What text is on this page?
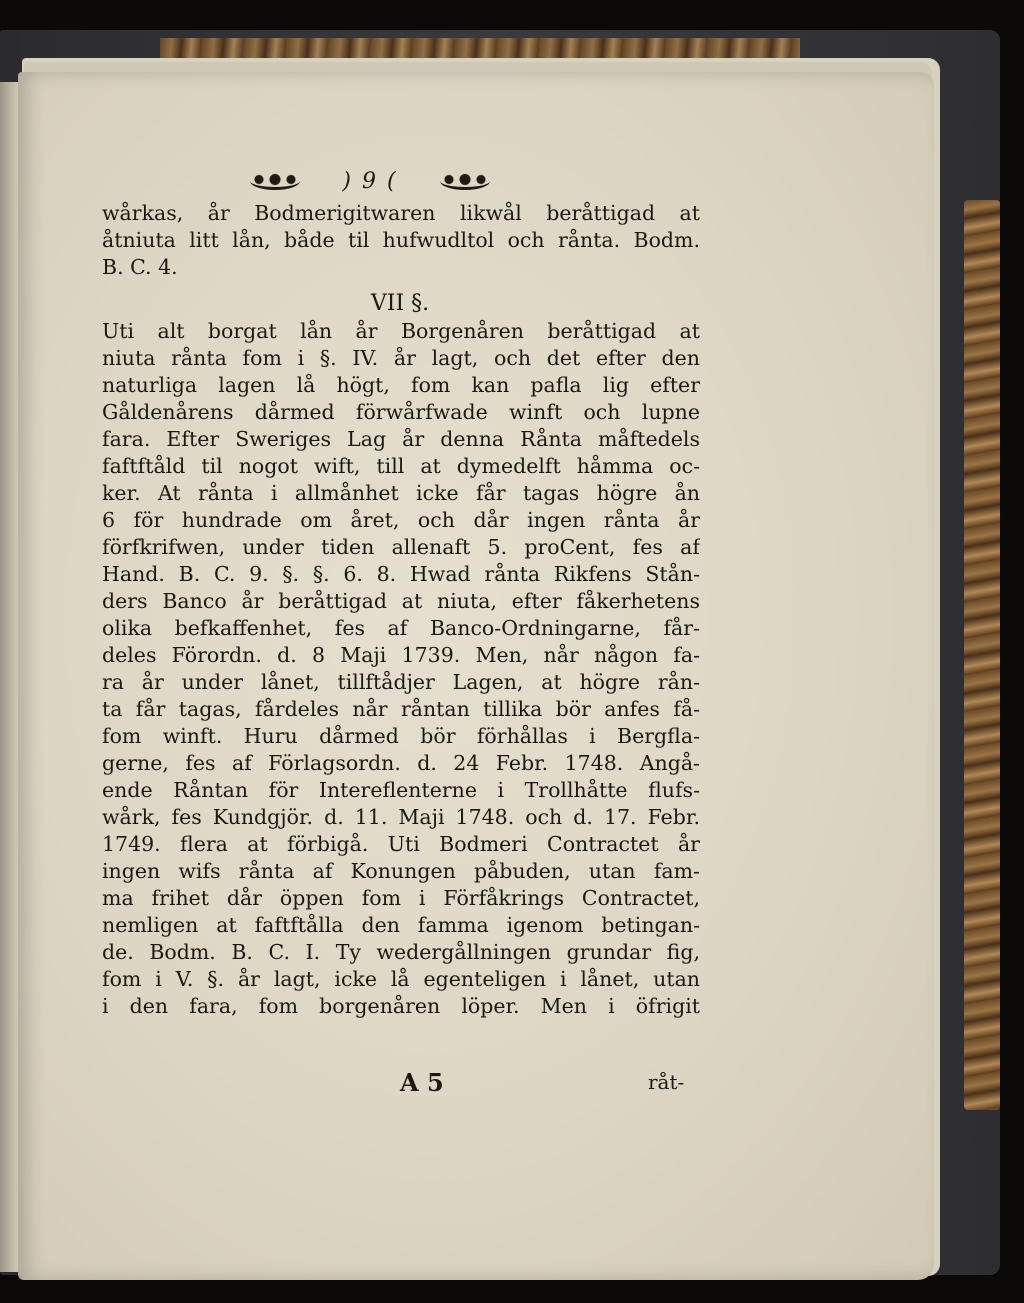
) 9 (
wårkas, år Bodmerigitwaren likwål beråttigad at
åtniuta litt lån, både til hufwudltol och rånta. Bodm.
B. C. 4.
VII §.
Uti alt borgat lån år Borgenåren beråttigad at
niuta rånta fom i §. IV. år lagt, och det efter den
naturliga lagen lå högt, fom kan pafla lig efter
Gåldenårens dårmed förwårfwade winft och lupne
fara. Efter Sweriges Lag år denna Rånta måftedels
faftftåld til nogot wift, till at dymedelft håmma oc-
ker. At rånta i allmånhet icke får tagas högre ån
6 för hundrade om året, och dår ingen rånta år
förfkrifwen, under tiden allenaft 5. proCent, fes af
Hand. B. C. 9. §. §. 6. 8. Hwad rånta Rikfens Stån-
ders Banco år beråttigad at niuta, efter fåkerhetens
olika befkaffenhet, fes af Banco-Ordningarne, får-
deles Förordn. d. 8 Maji 1739. Men, når någon fa-
ra år under lånet, tillftådjer Lagen, at högre rån-
ta får tagas, fårdeles når råntan tillika bör anfes få-
fom winft. Huru dårmed bör förhållas i Bergfla-
gerne, fes af Förlagsordn. d. 24 Febr. 1748. Angå-
ende Råntan för Intereflenterne i Trollhåtte flufs-
wårk, fes Kundgjör. d. 11. Maji 1748. och d. 17. Febr.
1749. flera at förbigå. Uti Bodmeri Contractet år
ingen wifs rånta af Konungen påbuden, utan fam-
ma frihet dår öppen fom i Förfåkrings Contractet,
nemligen at faftftålla den famma igenom betingan-
de. Bodm. B. C. I. Ty wedergållningen grundar fig,
fom i V. §. år lagt, icke lå egenteligen i lånet, utan
i den fara, fom borgenåren löper. Men i öfrigit
A 5	råt-
